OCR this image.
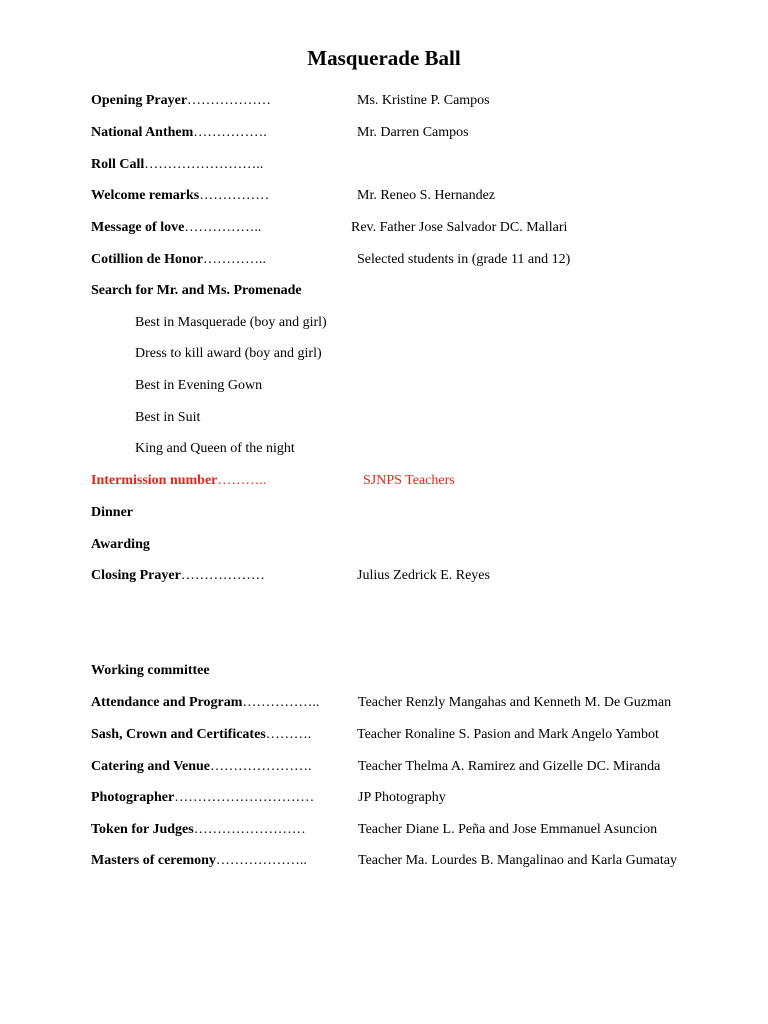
Masquerade Ball
Opening Prayer………………	Ms. Kristine P. Campos
National Anthem…………….	Mr. Darren Campos
Roll Call……………………..
Welcome remarks……………	Mr. Reneo S. Hernandez
Message of love……………..	Rev. Father Jose Salvador DC. Mallari
Cotillion de Honor…………..	Selected students in (grade 11 and 12)
Search for Mr. and Ms. Promenade
Best in Masquerade (boy and girl)
Dress to kill award (boy and girl)
Best in Evening Gown
Best in Suit
King and Queen of the night
Intermission number………..	SJNPS Teachers
Dinner
Awarding
Closing Prayer………………	Julius Zedrick E. Reyes
Working committee
Attendance and Program……………..	Teacher Renzly Mangahas and Kenneth M. De Guzman
Sash, Crown and Certificates……….	Teacher Ronaline S. Pasion and Mark Angelo Yambot
Catering and Venue………………….	Teacher Thelma A. Ramirez and Gizelle DC. Miranda
Photographer…………………………	JP Photography
Token for Judges……………………	Teacher Diane L. Peña and Jose Emmanuel Asuncion
Masters of ceremony………………..	Teacher Ma. Lourdes B. Mangalinao and Karla Gumatay
